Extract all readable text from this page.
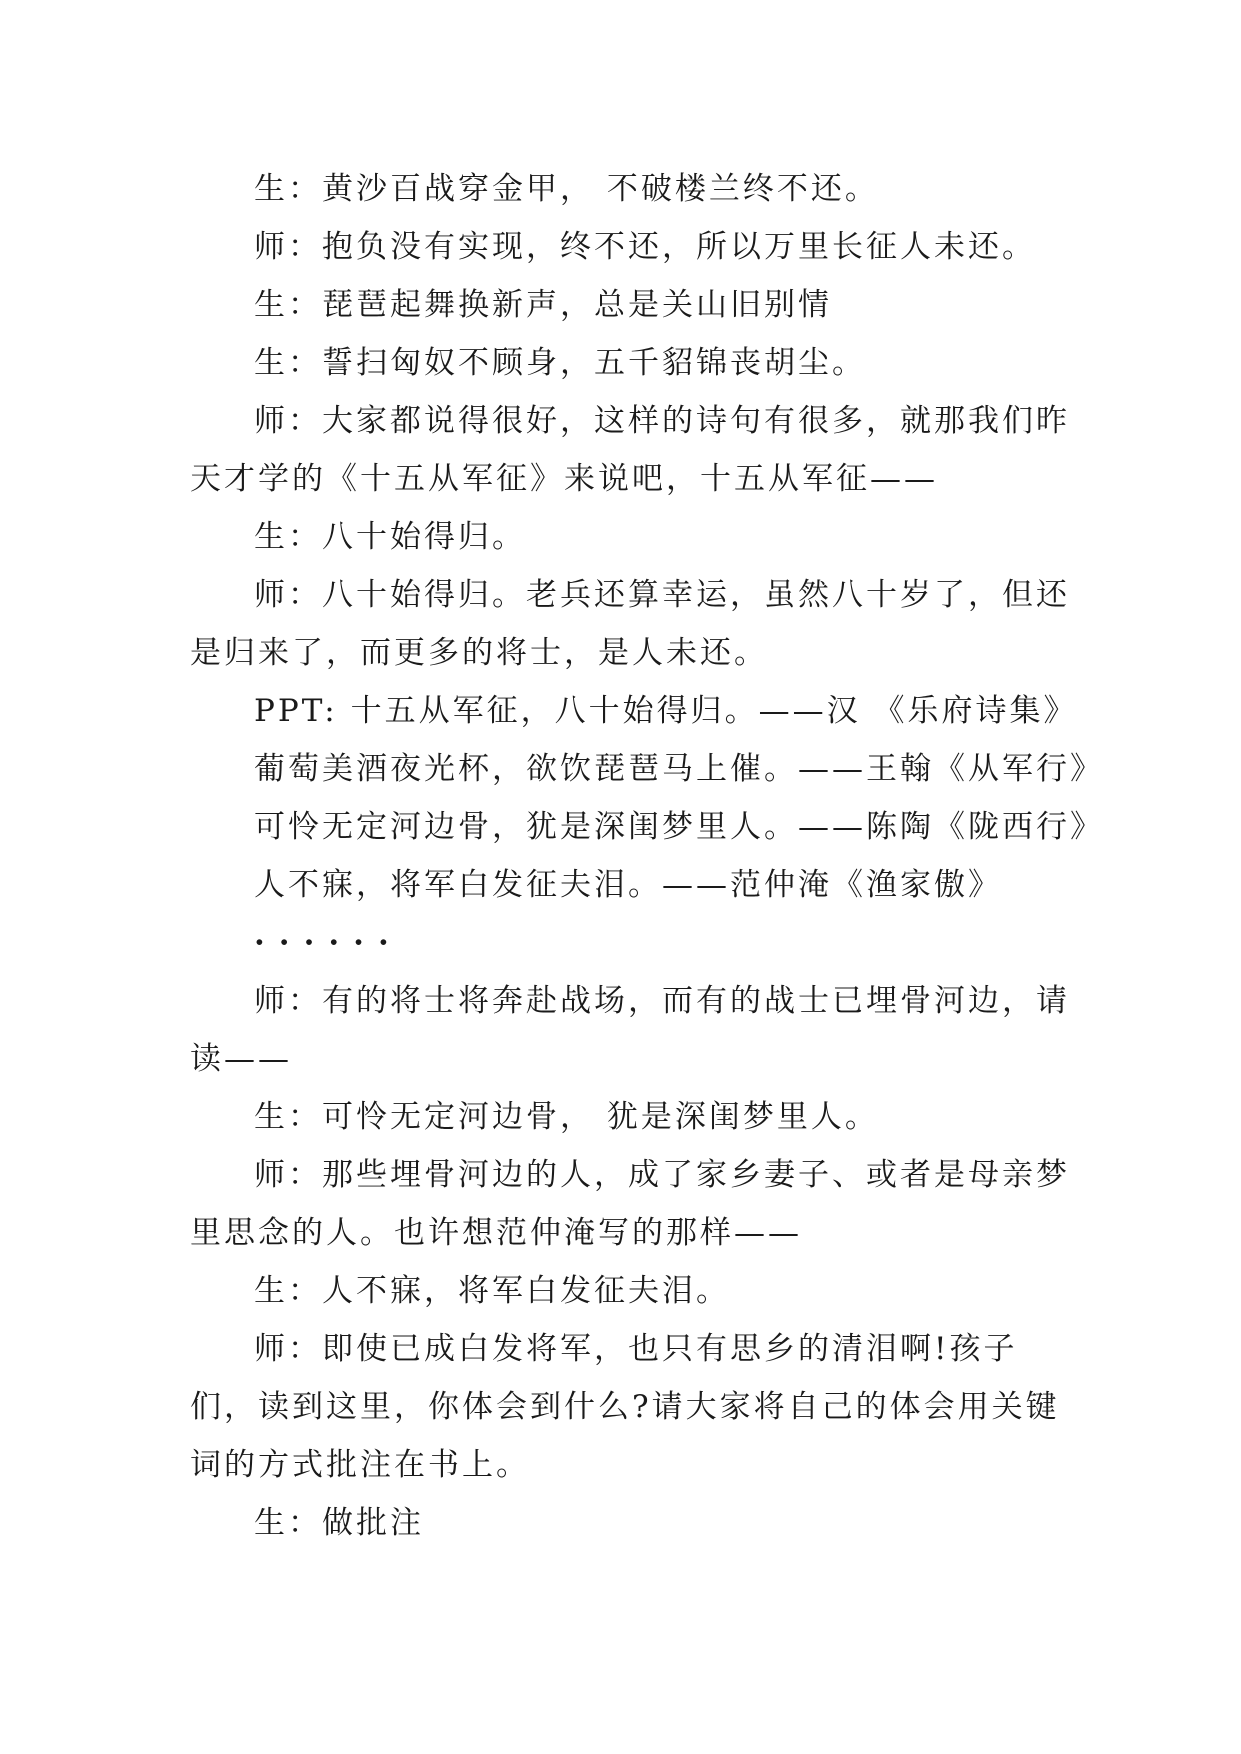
生：黄沙百战穿金甲， 不破楼兰终不还。

师：抱负没有实现，终不还，所以万里长征人未还。

生：琵琶起舞换新声，总是关山旧别情

生：誓扫匈奴不顾身，五千貂锦丧胡尘。

师：大家都说得很好，这样的诗句有很多，就那我们昨天才学的《十五从军征》来说吧，十五从军征——

生：八十始得归。

师：八十始得归。老兵还算幸运，虽然八十岁了，但还是归来了，而更多的将士，是人未还。

PPT: 十五从军征，八十始得归。——汉 《乐府诗集》

葡萄美酒夜光杯，欲饮琵琶马上催。——王翰《从军行》

可怜无定河边骨，犹是深闺梦里人。——陈陶《陇西行》

人不寐，将军白发征夫泪。——范仲淹《渔家傲》

······

师：有的将士将奔赴战场，而有的战士已埋骨河边，请读——

生：可怜无定河边骨， 犹是深闺梦里人。

师：那些埋骨河边的人，成了家乡妻子、或者是母亲梦里思念的人。也许想范仲淹写的那样——

生：人不寐，将军白发征夫泪。

师：即使已成白发将军，也只有思乡的清泪啊!孩子们，读到这里，你体会到什么?请大家将自己的体会用关键词的方式批注在书上。

生：做批注
